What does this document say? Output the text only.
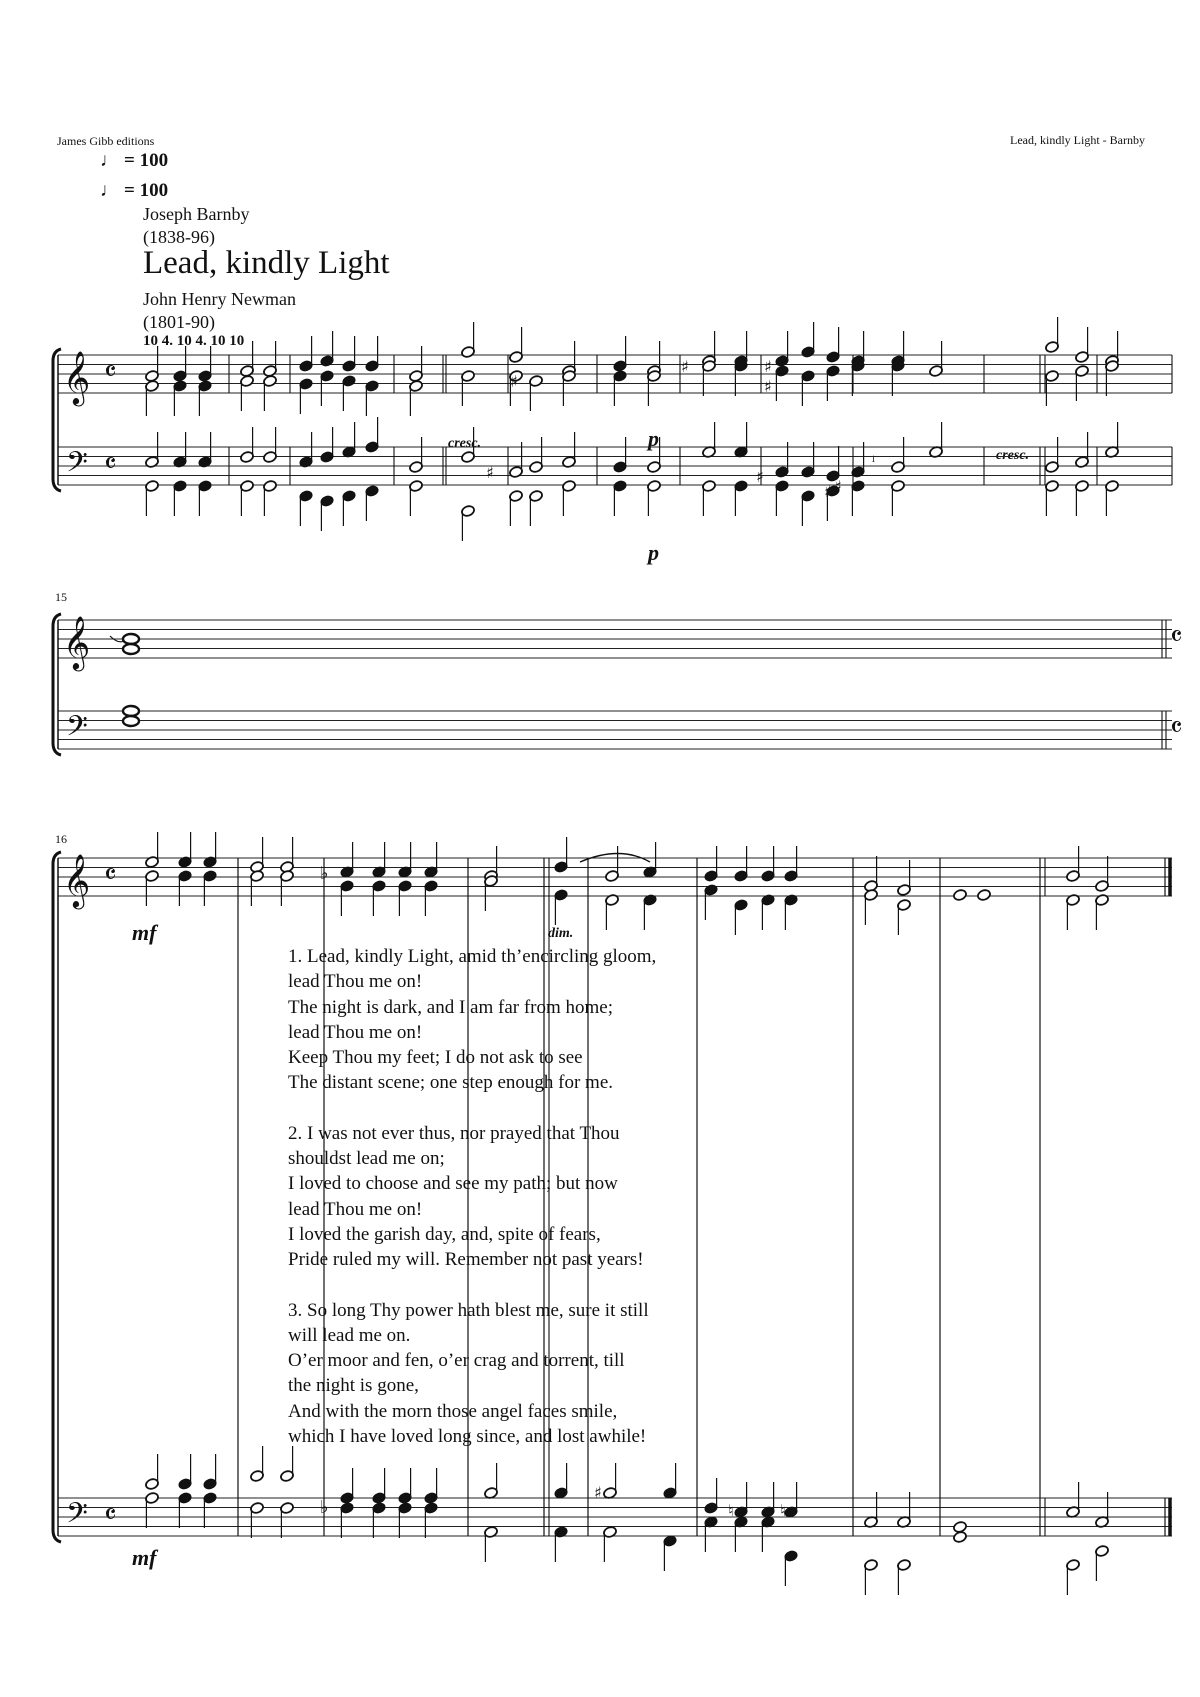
James Gibb editions	Lead, kindly Light - Barnby
♩ = 100
♩ = 100
Joseph Barnby
(1838-96)
Lead, kindly Light
John Henry Newman
(1801-90)
10 4. 10 4. 10 10
15
16
cresc.	p
p
cresc.
1
mf	dim.
mf
1. Lead, kindly Light, amid th’encircling gloom,
lead Thou me on!
The night is dark, and I am far from home;
lead Thou me on!
Keep Thou my feet; I do not ask to see
The distant scene; one step enough for me.
2. I was not ever thus, nor prayed that Thou
shouldst lead me on;
I loved to choose and see my path; but now
lead Thou me on!
I loved the garish day, and, spite of fears,
Pride ruled my will. Remember not past years!
3. So long Thy power hath blest me, sure it still
will lead me on.
O’er moor and fen, o’er crag and torrent, till
the night is gone,
And with the morn those angel faces smile,
which I have loved long since, and lost awhile!
𝄞
𝄢
𝄴
𝄴
𝄞
𝄢
𝄴
𝄴
𝄞
𝄢
𝄴
𝄴
♯
♯	♯
♯
♯	♯
♯ ♯
♭
♭
♯
♮	♮
